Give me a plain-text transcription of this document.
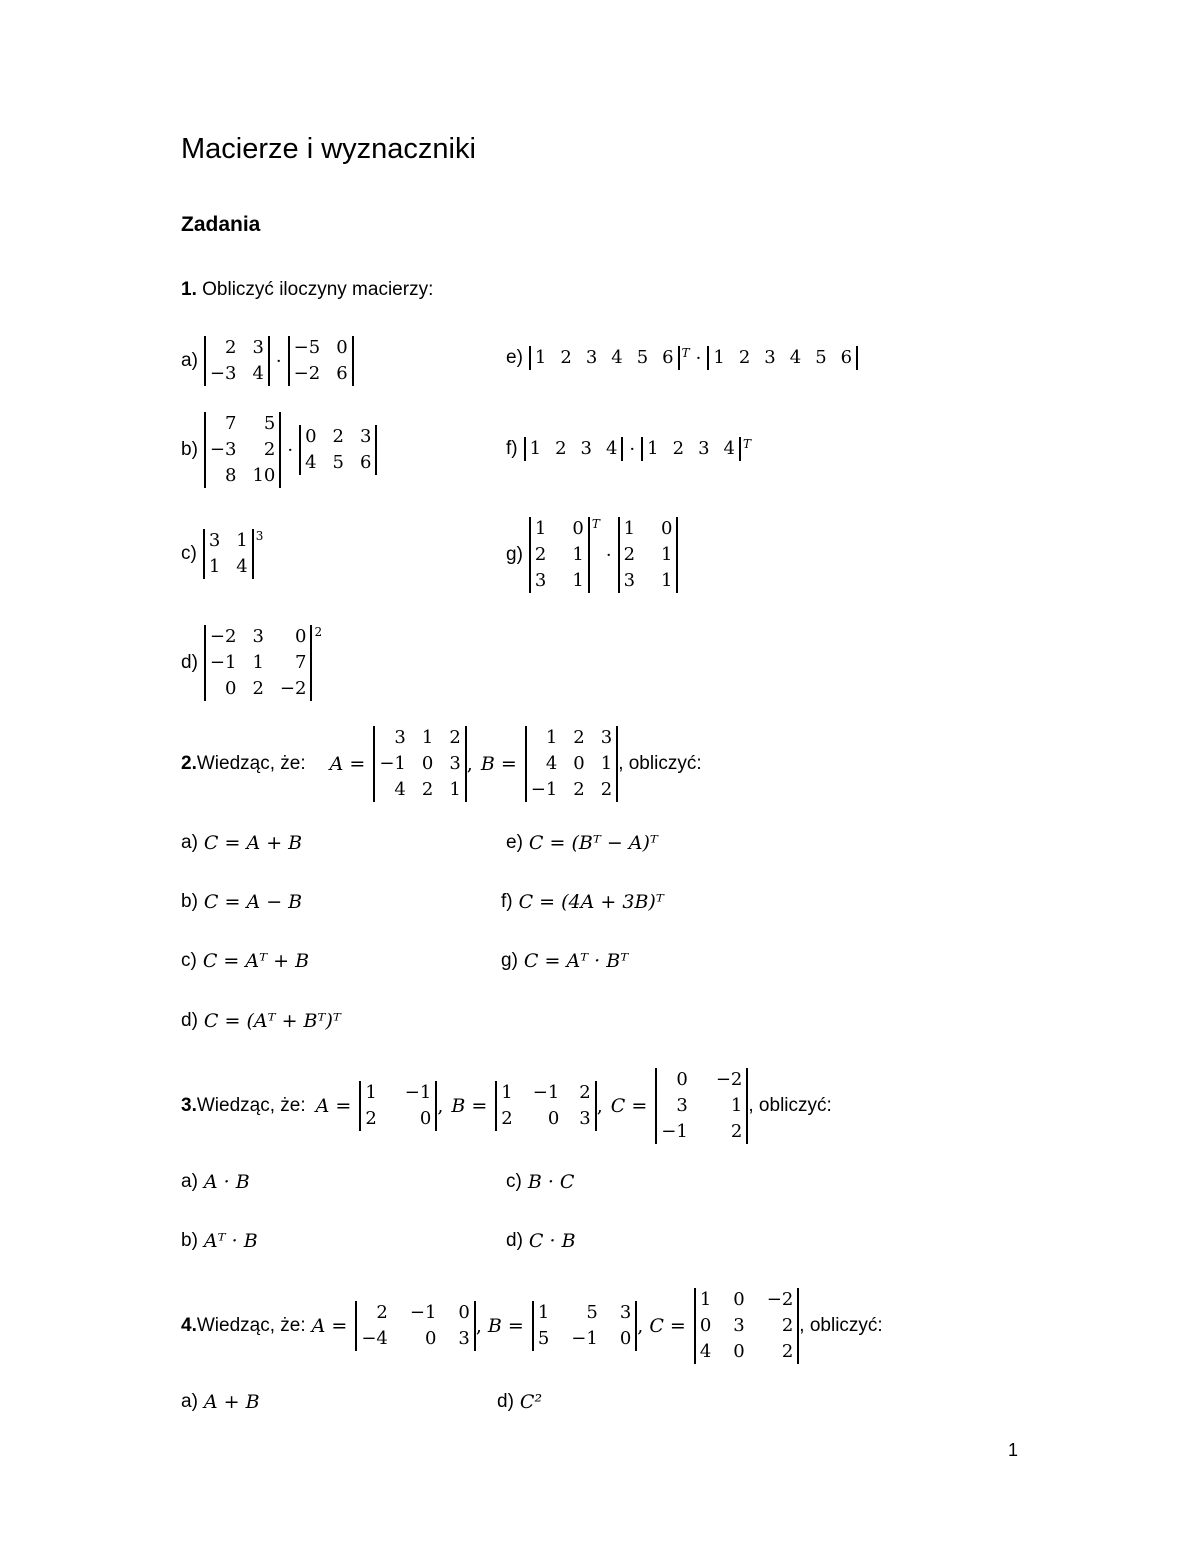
Macierze i wyznaczniki
Zadania
1. Obliczyć iloczyny macierzy:
a)
2 3
−3 4
·
−5 0
−2 6
b)
7	5
−3	2
8 10
·
0 2 3
4 5 6
c)
3 1
1 4
3
d)
−2 3	0
−1 1	7
0 2 −2
2
e) 1 2 3 4 5 6 T · 1 2 3 4 5 6
f) 1 2 3 4 · 1 2 3 4 T
g)
1 0
2 1
3 1
T
·
1 0
2 1
3 1
2. Wiedząc, że: A =
3 1 2
−1 0 3
4 2 1
, B =
1 2 3
4 0 1
−1 2 2
, obliczyć:
a) C = A + B
b) C = A − B
c) C = Aᵀ + B
d) C = (Aᵀ + Bᵀ)ᵀ
e) C = (Bᵀ − A)ᵀ
f) C = (4A + 3B)ᵀ
g) C = Aᵀ · Bᵀ
3. Wiedząc, że: A =
1 −1
2	0
, B =
1 −1 2
2	0 3
, C =
0 −2
3	1
−1	2
, obliczyć:
a) A · B
b) Aᵀ · B
c) B · C
d) C · B
4. Wiedząc, że: A =
2 −1 0
−4	0 3
, B =
1	5 3
5 −1 0
, C =
1 0 −2
0 3	2
4 0	2
, obliczyć:
a) A + B	d) C²
1
